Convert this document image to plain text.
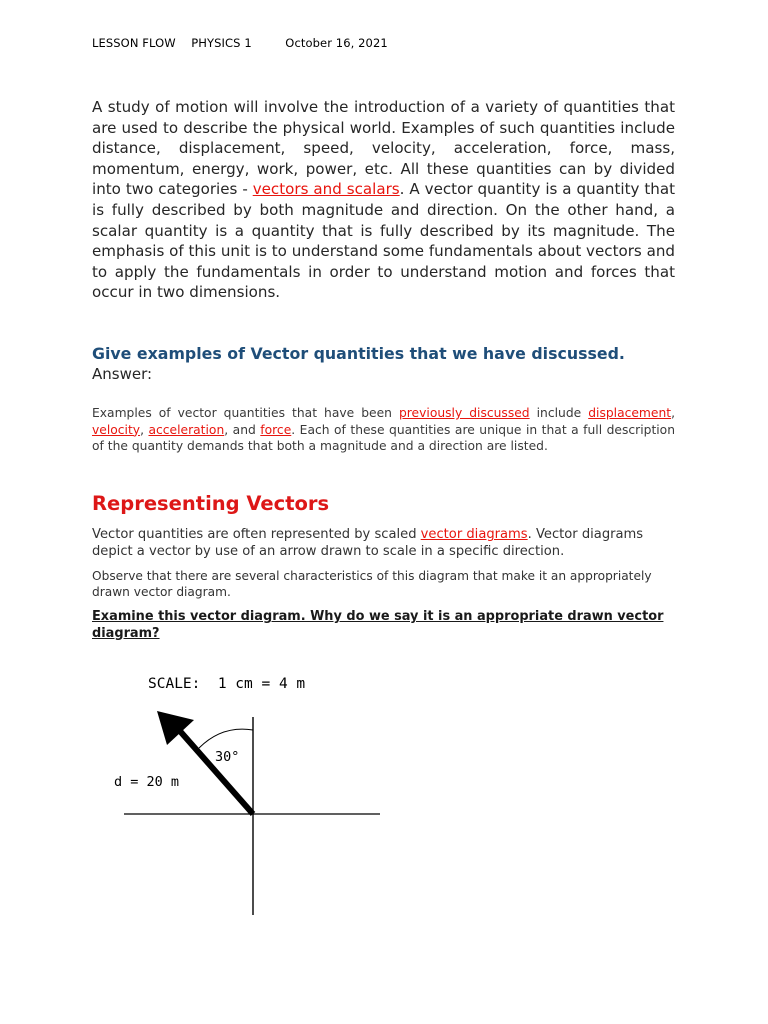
LESSON FLOW PHYSICS 1	October 16, 2021

A study of motion will involve the introduction of a variety of quantities that are used to describe the physical world. Examples of such quantities include distance, displacement, speed, velocity, acceleration, force, mass, momentum, energy, work, power, etc. All these quantities can by divided into two categories - vectors and scalars. A vector quantity is a quantity that is fully described by both magnitude and direction. On the other hand, a scalar quantity is a quantity that is fully described by its magnitude. The emphasis of this unit is to understand some fundamentals about vectors and to apply the fundamentals in order to understand motion and forces that occur in two dimensions.

Give examples of Vector quantities that we have discussed.
Answer:

Examples of vector quantities that have been previously discussed include displacement, velocity, acceleration, and force. Each of these quantities are unique in that a full description of the quantity demands that both a magnitude and a direction are listed.

Representing Vectors

Vector quantities are often represented by scaled vector diagrams. Vector diagrams depict a vector by use of an arrow drawn to scale in a specific direction.

Observe that there are several characteristics of this diagram that make it an appropriately drawn vector diagram.

Examine this vector diagram. Why do we say it is an appropriate drawn vector diagram?

SCALE:  1 cm = 4 m
30°
d = 20 m
